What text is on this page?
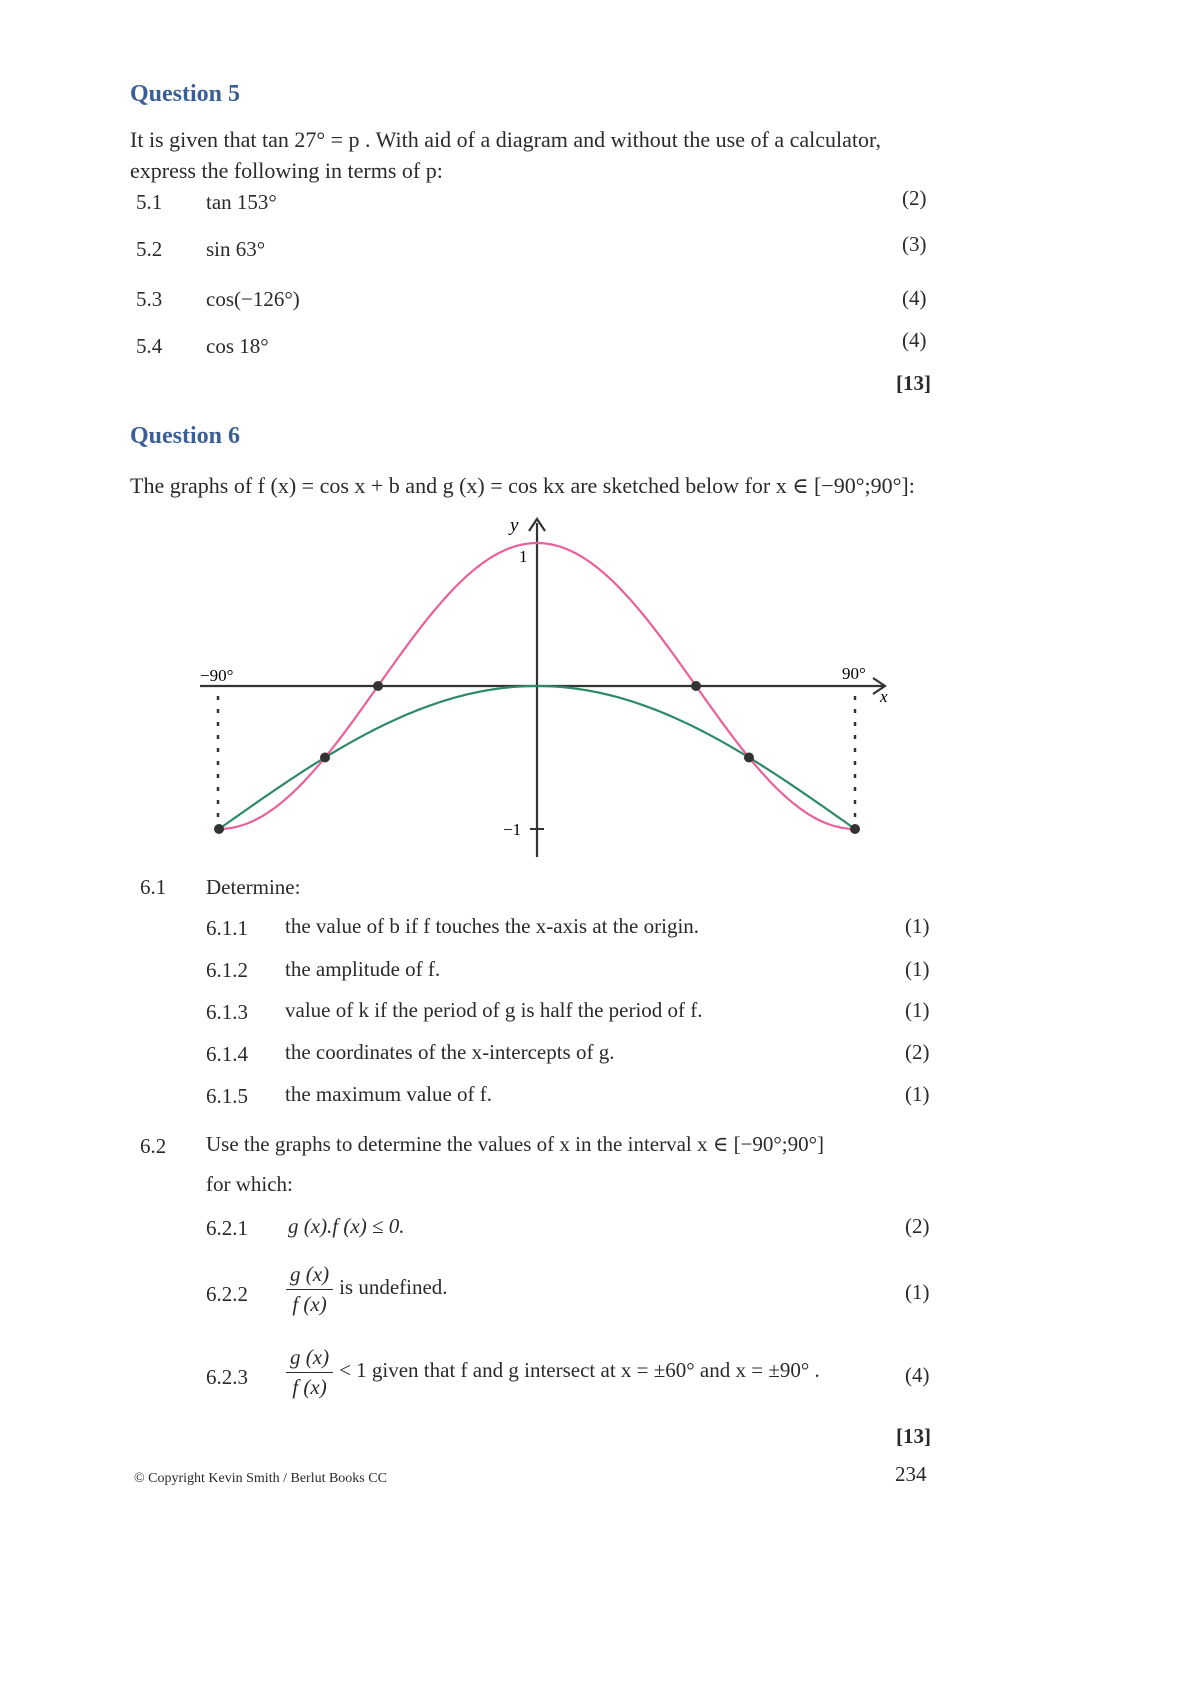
Question 5
It is given that tan 27° = p . With aid of a diagram and without the use of a calculator,
express the following in terms of p:
5.1 tan 153°	(2)
5.2 sin 63°	(3)
5.3 cos(−126°)	(4)
5.4 cos 18°	(4)
[13]
Question 6
The graphs of f (x) = cos x + b and g (x) = cos kx are sketched below for x ∈ [−90°;90°]:
y
x
1
−1
−90°	90°
6.1 Determine:
6.1.1 the value of b if f touches the x-axis at the origin.	(1)
6.1.2 the amplitude of f.	(1)
6.1.3 value of k if the period of g is half the period of f.	(1)
6.1.4 the coordinates of the x-intercepts of g.	(2)
6.1.5 the maximum value of f.	(1)
6.2 Use the graphs to determine the values of x in the interval x ∈ [−90°;90°]
for which:
6.2.1 g (x).f (x) ≤ 0.	(2)
$6.2.2 \frac{g (x)}{f (x)}$ is undefined.	(1)
$6.2.3 \frac{g (x)}{f (x)} < 1$ given that f and g intersect at x = ±60° and x = ±90° .	(4)
[13]
© Copyright Kevin Smith / Berlut Books CC	234
